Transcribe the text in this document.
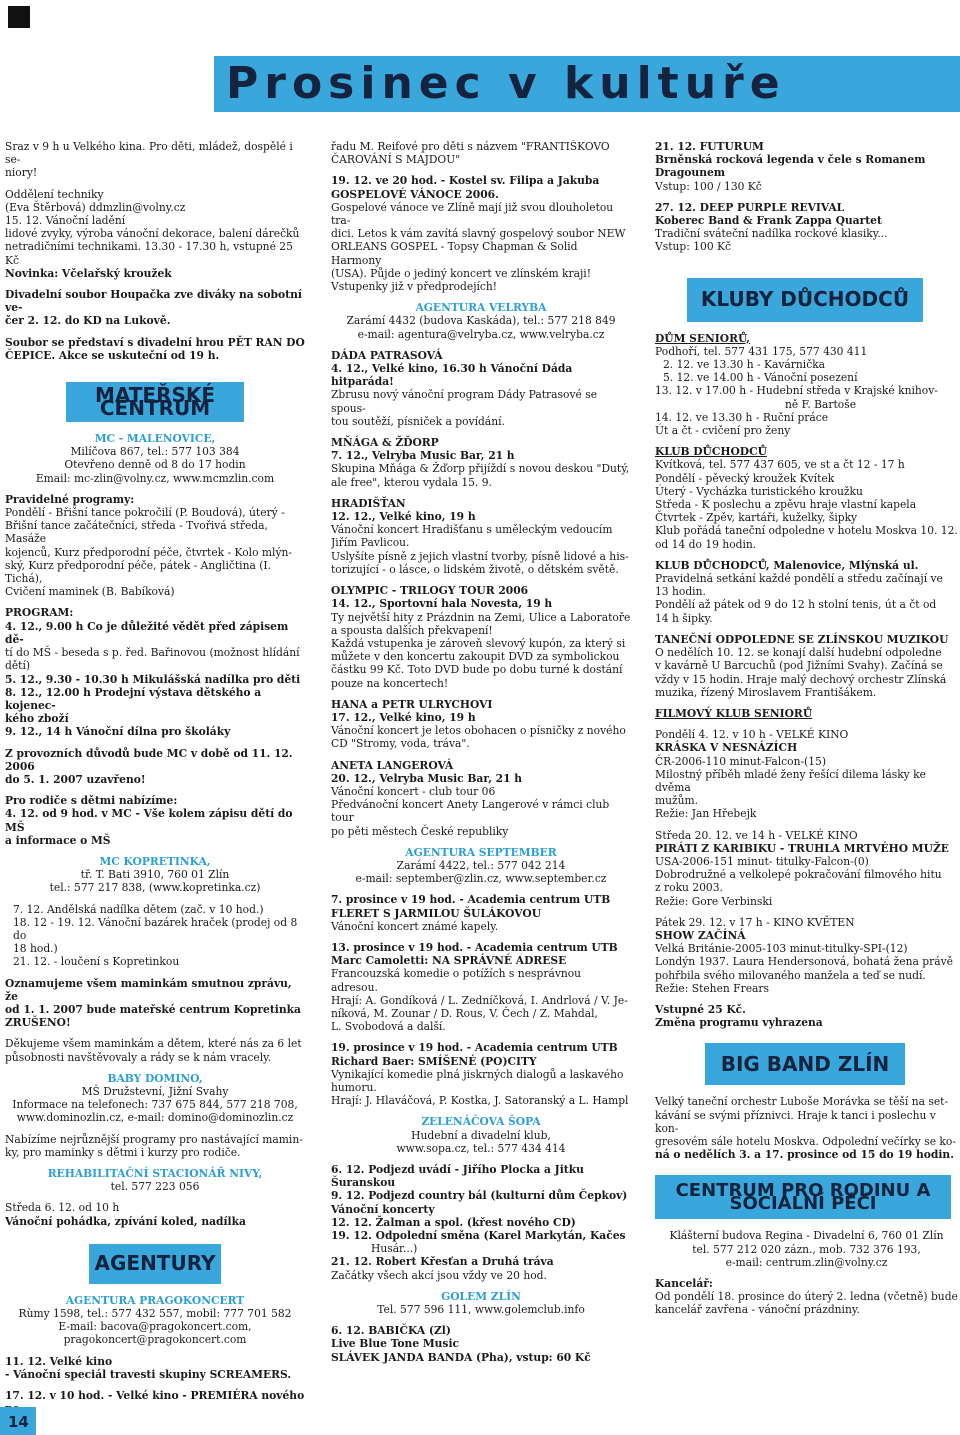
Prosinec v kultuře

Sraz v 9 h u Velkého kina. Pro děti, mládež, dospělé i se-
niory!

Oddělení techniky
(Eva Štěrbová) ddmzlin@volny.cz
15. 12. Vánoční ladění
lidové zvyky, výroba vánoční dekorace, balení dárečků
netradičními technikami. 13.30 - 17.30 h, vstupné 25 Kč
Novinka: Včelařský kroužek

Divadelní soubor Houpačka zve diváky na sobotní ve-
čer 2. 12. do KD na Lukově.

Soubor se představí s divadelní hrou PĚT RAN DO
ČEPICE. Akce se uskuteční od 19 h.

MATEŘSKÉ CENTRUM
MC - MALENOVICE,
Milíčova 867, tel.: 577 103 384
Otevřeno denně od 8 do 17 hodin
Email: mc-zlin@volny.cz, www.mcmzlin.com

Pravidelné programy:
Pondělí - Břišní tance pokročilí (P. Boudová), úterý -
Břišní tance začátečníci, středa - Tvořivá středa, Masáže
kojenců, Kurz předporodní péče, čtvrtek - Kolo mlýn-
ský, Kurz předporodní péče, pátek - Angličtina (I. Tichá),
Cvičení maminek (B. Babíková)

PROGRAM:
4. 12., 9.00 h Co je důležité vědět před zápisem dě-
tí do MŠ - beseda s p. řed. Bařinovou (možnost hlídání
dětí)
5. 12., 9.30 - 10.30 h Mikulášská nadílka pro děti
8. 12., 12.00 h Prodejní výstava dětského a kojenec-
kého zboží
9. 12., 14 h Vánoční dílna pro školáky

Z provozních důvodů bude MC v době od 11. 12. 2006
do 5. 1. 2007 uzavřeno!

Pro rodiče s dětmi nabízíme:
4. 12. od 9 hod. v MC - Vše kolem zápisu dětí do MŠ
a informace o MŠ

MC KOPRETINKA,
tř. T. Bati 3910, 760 01 Zlín
tel.: 577 217 838, (www.kopretinka.cz)

7. 12. Andělská nadílka dětem (zač. v 10 hod.)
18. 12 - 19. 12. Vánoční bazárek hraček (prodej od 8 do
18 hod.)
21. 12. - loučení s Kopretinkou

Oznamujeme všem maminkám smutnou zprávu, že
od 1. 1. 2007 bude mateřské centrum Kopretinka
ZRUŠENO!

Děkujeme všem maminkám a dětem, které nás za 6 let
působnosti navštěvovaly a rády se k nám vracely.

BABY DOMINO,
MŠ Družstevní, Jižní Svahy
Informace na telefonech: 737 675 844, 577 218 708,
www.dominozlin.cz, e-mail: domino@dominozlin.cz

Nabízíme nejrůznější programy pro nastávající mamin-
ky, pro maminky s dětmi i kurzy pro rodiče.

REHABILITAČNÍ STACIONÁŘ NIVY,
tel. 577 223 056

Středa 6. 12. od 10 h
Vánoční pohádka, zpívání koled, nadílka

AGENTURY
AGENTURA PRAGOKONCERT
Rùmy 1598, tel.: 577 432 557, mobil: 777 701 582
E-mail: bacova@pragokoncert.com,
pragokoncert@pragokoncert.com

11. 12. Velké kino
- Vánoční speciál travesti skupiny SCREAMERS.
17. 12. v 10 hod. - Velké kino - PREMIÉRA nového

řadu M. Reifové pro děti s názvem "FRANTIŠKOVO
ČAROVÁNÍ S MAJDOU"

19. 12. ve 20 hod. - Kostel sv. Filipa a Jakuba
GOSPELOVÉ VÁNOCE 2006.
Gospelové vánoce ve Zlíně mají již svou dlouholetou tra-
dici. Letos k vám zavítá slavný gospelový soubor NEW
ORLEANS GOSPEL - Topsy Chapman & Solid Harmony
(USA). Půjde o jediný koncert ve zlínském kraji!
Vstupenky již v předprodejích!

AGENTURA VELRYBA
Zarámí 4432 (budova Kaskáda), tel.: 577 218 849
e-mail: agentura@velryba.cz, www.velryba.cz

DÁDA PATRASOVÁ
4. 12., Velké kino, 16.30 h Vánoční Dáda hitparáda!
Zbrusu nový vánoční program Dády Patrasové se spous-
tou soutěží, písniček a povídání.

MŇÁGA & ŽĎORP
7. 12., Velryba Music Bar, 21 h
Skupina Mňága & Žďorp přijíždí s novou deskou "Dutý,
ale free", kterou vydala 15. 9.

HRADIŠŤAN
12. 12., Velké kino, 19 h
Vánoční koncert Hradišťanu s uměleckým vedoucím
Jiřím Pavlicou.
Uslyšíte písně z jejich vlastní tvorby, písně lidové a his-
torizující - o lásce, o lidském životě, o dětském světě.

OLYMPIC - TRILOGY TOUR 2006
14. 12., Sportovní hala Novesta, 19 h
Ty největší hity z Prázdnin na Zemi, Ulice a Laboratoře
a spousta dalších překvapení!
Každá vstupenka je zároveň slevový kupón, za který si
můžete v den koncertu zakoupit DVD za symbolickou
částku 99 Kč. Toto DVD bude po dobu turné k dostání
pouze na koncertech!

HANA a PETR ULRYCHOVI
17. 12., Velké kino, 19 h
Vánoční koncert je letos obohacen o písničky z nového
CD "Stromy, voda, tráva".

ANETA LANGEROVÁ
20. 12., Velryba Music Bar, 21 h
Vánoční koncert - club tour 06
Předvánoční koncert Anety Langerové v rámci club tour
po pěti městech České republiky

AGENTURA SEPTEMBER
Zarámí 4422, tel.: 577 042 214
e-mail: september@zlin.cz, www.september.cz

7. prosince v 19 hod. - Academia centrum UTB
FLERET S JARMILOU ŠULÁKOVOU
Vánoční koncert známé kapely.

13. prosince v 19 hod. - Academia centrum UTB
Marc Camoletti: NA SPRÁVNÉ ADRESE
Francouzská komedie o potížích s nesprávnou adresou.
Hrají: A. Gondíková / L. Zedníčková, I. Andrlová / V. Je-
níková, M. Zounar / D. Rous, V. Čech / Z. Mahdal,
L. Svobodová a další.

19. prosince v 19 hod. - Academia centrum UTB
Richard Baer: SMÍŠENÉ (PO)CITY
Vynikající komedie plná jiskrných dialogů a laskavého
humoru.
Hrají: J. Hlaváčová, P. Kostka, J. Satoranský a L. Hampl

ZELENÁČOVA ŠOPA
Hudební a divadelní klub,
www.sopa.cz, tel.: 577 434 414

6. 12. Podjezd uvádí - Jiřího Plocka a Jitku Šuranskou
9. 12. Podjezd country bál (kulturní dům Čepkov)
Vánoční koncerty
12. 12. Žalman a spol. (křest nového CD)
19. 12. Odpolední směna (Karel Markytán, Kačes
Husár...)
21. 12. Robert Křesťan a Druhá tráva
Začátky všech akcí jsou vždy ve 20 hod.

GOLEM ZLÍN
Tel. 577 596 111, www.golemclub.info

6. 12. BABIČKA (Zl)
Live Blue Tone Music
SLÁVEK JANDA BANDA (Pha), vstup: 60 Kč

21. 12. FUTURUM
Brněnská rocková legenda v čele s Romanem
Dragounem
Vstup: 100 / 130 Kč

27. 12. DEEP PURPLE REVIVAL
Koberec Band & Frank Zappa Quartet
Tradiční sváteční nadílka rockové klasiky...
Vstup: 100 Kč

KLUBY DŮCHODCŮ

DŮM SENIORŮ,
Podhoří, tel. 577 431 175, 577 430 411
2. 12. ve 13.30 h - Kavárnička
5. 12. ve 14.00 h - Vánoční posezení
13. 12. v 17.00 h - Hudební středa v Krajské knihov-
ně F. Bartoše
14. 12. ve 13.30 h - Ruční práce
Út a čt - cvičení pro ženy

KLUB DŮCHODCŮ
Kvítková, tel. 577 437 605, ve st a čt 12 - 17 h
Pondělí - pěvecký kroužek Kvítek
Úterý - Vycházka turistického kroužku
Středa - K poslechu a zpěvu hraje vlastní kapela
Čtvrtek - Zpěv, kartáři, kuželky, šipky
Klub pořádá taneční odpoledne v hotelu Moskva 10. 12.
od 14 do 19 hodin.

KLUB DŮCHODCŮ, Malenovice, Mlýnská ul.
Pravidelná setkání každé pondělí a středu začínají ve
13 hodin.
Pondělí až pátek od 9 do 12 h stolní tenis, út a čt od
14 h šipky.

TANEČNÍ ODPOLEDNE SE ZLÍNSKOU MUZIKOU
O nedělích 10. 12. se konají další hudební odpoledne
v kavárně U Barcuchů (pod Jižními Svahy). Začíná se
vždy v 15 hodin. Hraje malý dechový orchestr Zlínská
muzika, řízený Miroslavem Františákem.

FILMOVÝ KLUB SENIORŮ

Pondělí 4. 12. v 10 h - VELKÉ KINO
KRÁSKA V NESNÁZÍCH
ČR-2006-110 minut-Falcon-(15)
Milostný příběh mladé ženy řešící dilema lásky ke dvěma
mužům.
Režie: Jan Hřebejk

Středa 20. 12. ve 14 h - VELKÉ KINO
PIRÁTI Z KARIBIKU - TRUHLA MRTVÉHO MUŽE
USA-2006-151 minut- titulky-Falcon-(0)
Dobrodružné a velkolepé pokračování filmového hitu
z roku 2003.
Režie: Gore Verbinski

Pátek 29. 12. v 17 h - KINO KVĚTEN
SHOW ZAČÍNÁ
Velká Británie-2005-103 minut-titulky-SPI-(12)
Londýn 1937. Laura Hendersonová, bohatá žena právě
pohřbila svého milovaného manžela a teď se nudí.
Režie: Stehen Frears

Vstupné 25 Kč.
Změna programu vyhrazena

BIG BAND ZLÍN

Velký taneční orchestr Luboše Morávka se těší na set-
kávání se svými příznivci. Hraje k tanci i poslechu v kon-
gresovém sále hotelu Moskva. Odpolední večírky se ko-
ná o nedělích 3. a 17. prosince od 15 do 19 hodin.

CENTRUM PRO RODINU A SOCIÁLNÍ PÉČI
Klášterní budova Regina - Divadelní 6, 760 01 Zlín
tel. 577 212 020 zázn., mob. 732 376 193,
e-mail: centrum.zlin@volny.cz

Kancelář:
Od pondělí 18. prosince do úterý 2. ledna (včetně) bude
kancelář zavřena - vánoční prázdniny.

14
